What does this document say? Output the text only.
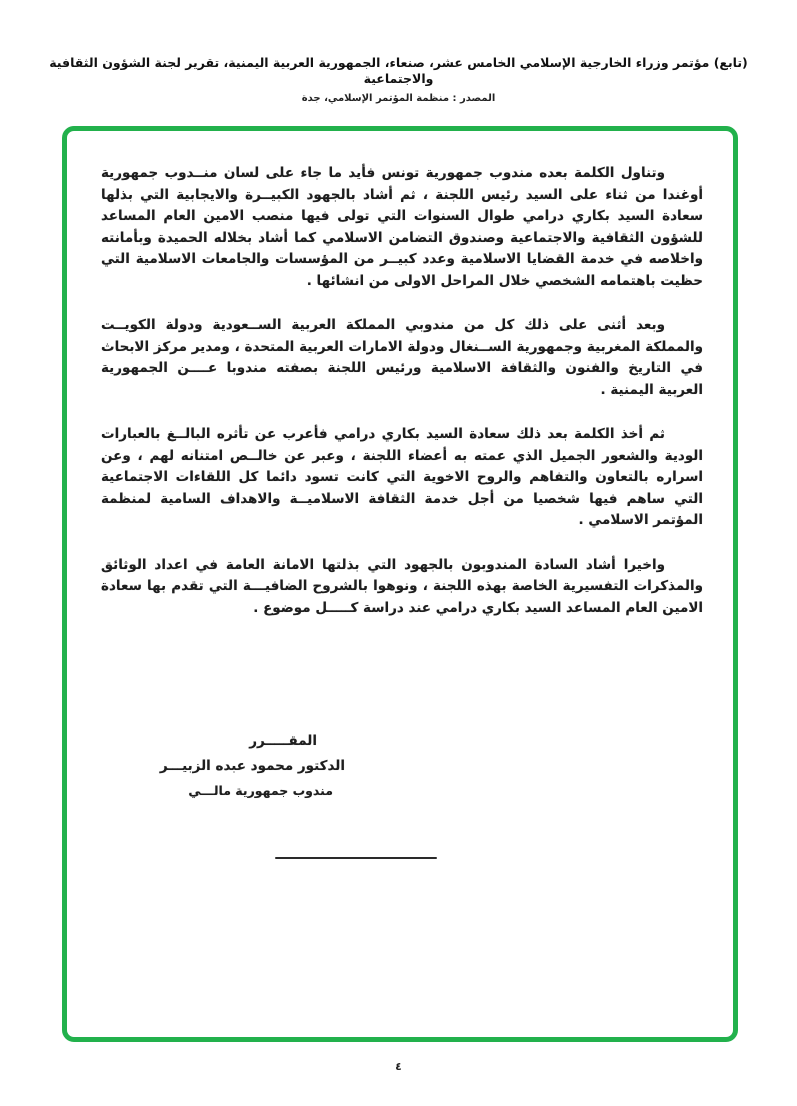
(تابع) مؤتمر وزراء الخارجية الإسلامي الخامس عشر، صنعاء، الجمهورية العربية اليمنية، تقرير لجنة الشؤون الثقافية والاجتماعية
المصدر : منظمة المؤتمر الإسلامي، جدة

وتناول الكلمة بعده مندوب جمهورية تونس فأيد ما جاء على لسان منــدوب جمهورية أوغندا من ثناء على السيد رئيس اللجنة ، ثم أشاد بالجهود الكبيــرة والايجابية التي بذلها سعادة السيد بكاري درامي طوال السنوات التي تولى فيها منصب الامين العام المساعد للشؤون الثقافية والاجتماعية وصندوق التضامن الاسلامي كما أشاد بخلاله الحميدة وبأمانته واخلاصه في خدمة القضايا الاسلامية وعدد كبيــر من المؤسسات والجامعات الاسلامية التي حظيت باهتمامه الشخصي خلال المراحل الاولى من انشائها .

وبعد أثنى على ذلك كل من مندوبي المملكة العربية الســعودية ودولة الكويــت والمملكة المغربية وجمهورية الســنغال ودولة الامارات العربية المتحدة ، ومدير مركز الابحاث في التاريخ والفنون والثقافة الاسلامية ورئيس اللجنة بصفته مندوبا عــــن الجمهورية العربية اليمنية .

ثم أخذ الكلمة بعد ذلك سعادة السيد بكاري درامي فأعرب عن تأثره البالــغ بالعبارات الودية والشعور الجميل الذي عمته به أعضاء اللجنة ، وعبر عن خالــص امتنانه لهم ، وعن اسراره بالتعاون والتفاهم والروح الاخوية التي كانت تسود دائما كل اللقاءات الاجتماعية التي ساهم فيها شخصيا من أجل خدمة الثقافة الاسلاميــة والاهداف السامية لمنظمة المؤتمر الاسلامي .

واخيرا أشاد السادة المندوبون بالجهود التي بذلتها الامانة العامة في اعداد الوثائق والمذكرات التفسيرية الخاصة بهذه اللجنة ، ونوهوا بالشروح الضافيـــة التي تقدم بها سعادة الامين العام المساعد السيد بكاري درامي عند دراسة كـــــل موضوع .

المقـــــرر
الدكتور محمود عبده الزبيـــر
مندوب جمهورية مالـــي
٤
